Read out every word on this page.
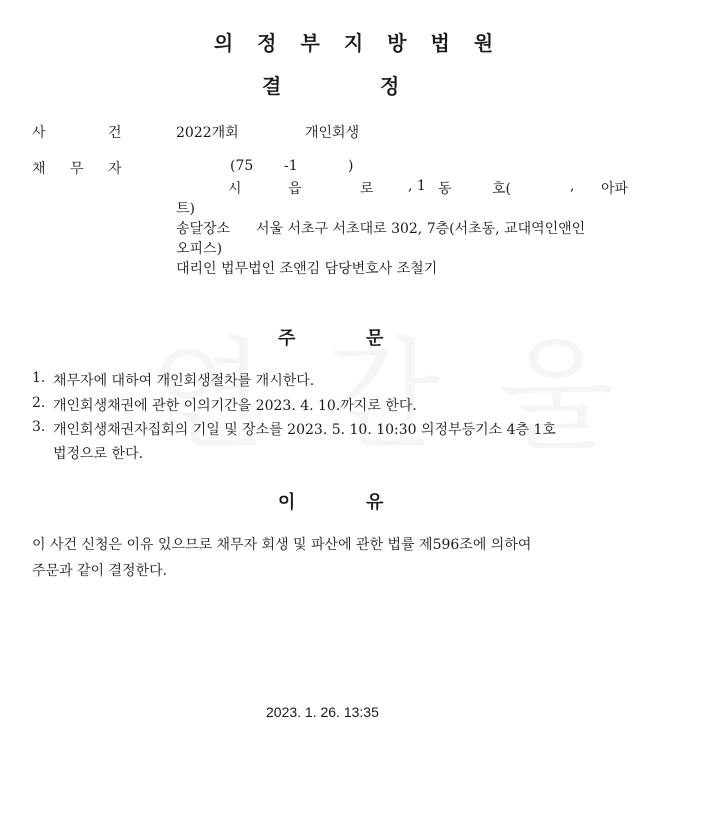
의 정 부 지 방 법 원
결	정
사	건	2022개회	개인회생
채 무 자	(75 -1	)
시	읍	로 , 1 동	호(	, 아파
트)
송달장소 서울 서초구 서초대로 302, 7층(서초동, 교대역인앤인
오피스)
대리인 법무법인 조앤김 담당변호사 조철기
주	문
1. 채무자에 대하여 개인회생절차를 개시한다.
2. 개인회생채권에 관한 이의기간을 2023. 4. 10.까지로 한다.
3. 개인회생채권자집회의 기일 및 장소를 2023. 5. 10. 10:30 의정부등기소 4층 1호
법정으로 한다.
이	유
이 사건 신청은 이유 있으므로 채무자 회생 및 파산에 관한 법률 제596조에 의하여
주문과 같이 결정한다.
2023. 1. 26. 13:35
